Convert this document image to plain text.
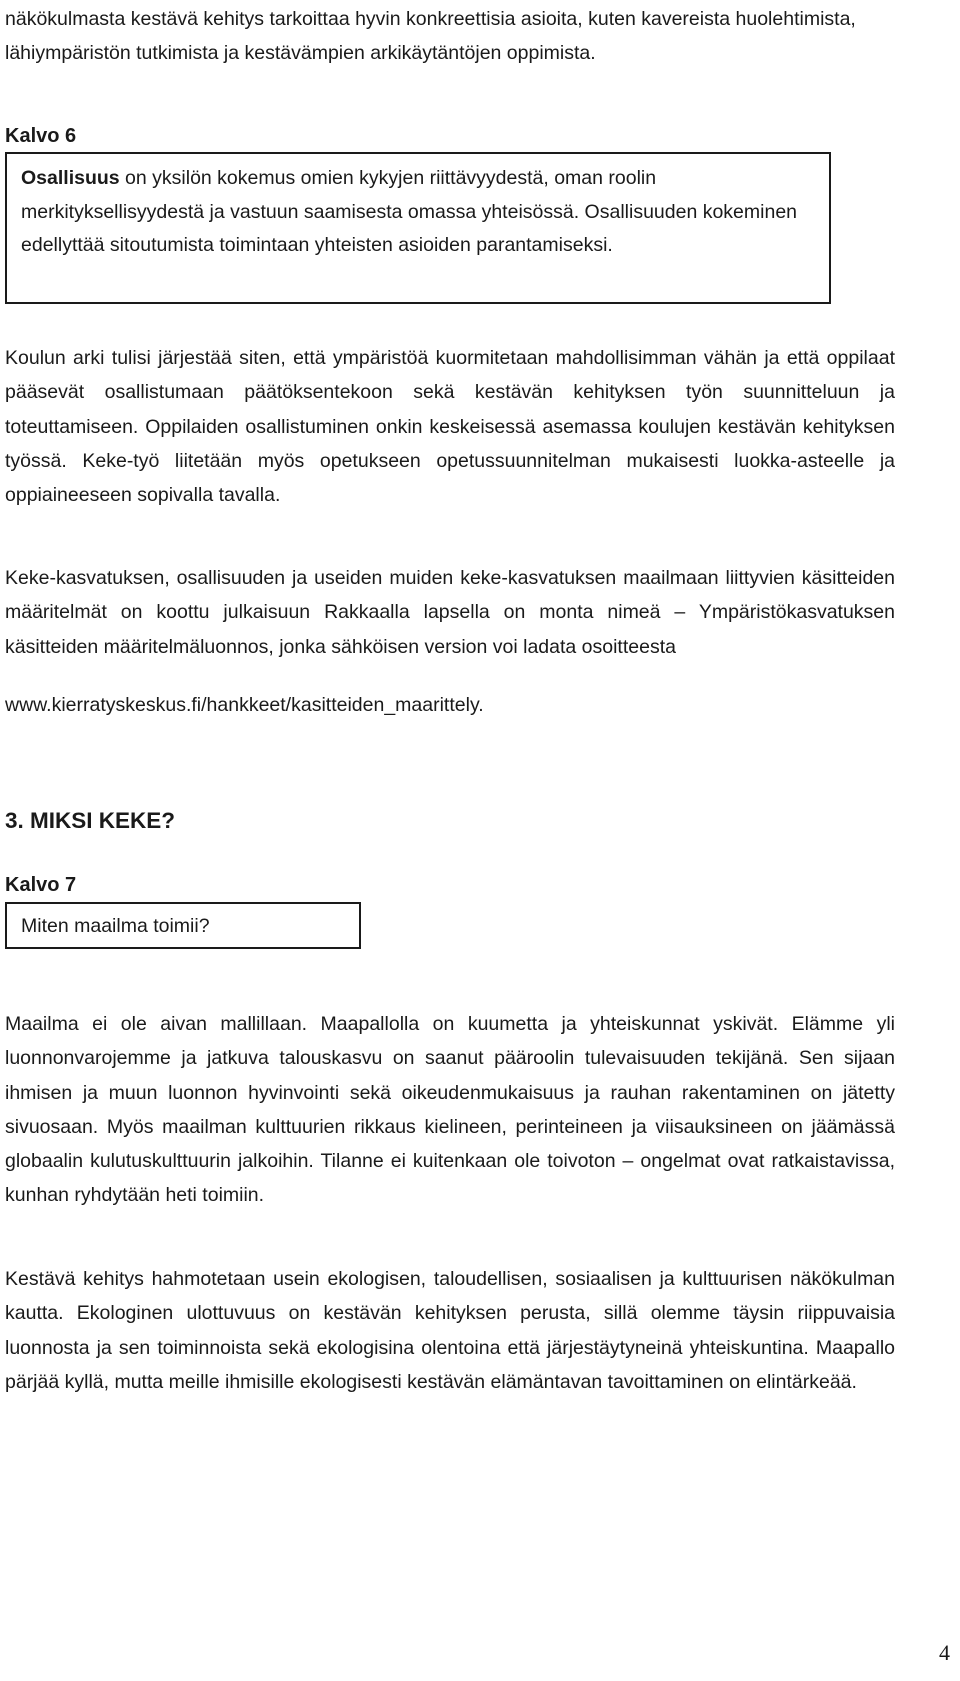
näkökulmasta kestävä kehitys tarkoittaa hyvin konkreettisia asioita, kuten kavereista huolehtimista, lähiympäristön tutkimista ja kestävämpien arkikäytäntöjen oppimista.

Kalvo 6

Osallisuus on yksilön kokemus omien kykyjen riittävyydestä, oman roolin merkityksellisyydestä ja vastuun saamisesta omassa yhteisössä. Osallisuuden kokeminen edellyttää sitoutumista toimintaan yhteisten asioiden parantamiseksi.

Koulun arki tulisi järjestää siten, että ympäristöä kuormitetaan mahdollisimman vähän ja että oppilaat pääsevät osallistumaan päätöksentekoon sekä kestävän kehityksen työn suunnitteluun ja toteuttamiseen. Oppilaiden osallistuminen onkin keskeisessä asemassa koulujen kestävän kehityksen työssä. Keke-työ liitetään myös opetukseen opetussuunnitelman mukaisesti luokka-asteelle ja oppiaineeseen sopivalla tavalla.

Keke-kasvatuksen, osallisuuden ja useiden muiden keke-kasvatuksen maailmaan liittyvien käsitteiden määritelmät on koottu julkaisuun Rakkaalla lapsella on monta nimeä – Ympäristökasvatuksen käsitteiden määritelmäluonnos, jonka sähköisen version voi ladata osoitteesta

www.kierratyskeskus.fi/hankkeet/kasitteiden_maarittely.

3. MIKSI KEKE?

Kalvo 7

Miten maailma toimii?

Maailma ei ole aivan mallillaan. Maapallolla on kuumetta ja yhteiskunnat yskivät. Elämme yli luonnonvarojemme ja jatkuva talouskasvu on saanut pääroolin tulevaisuuden tekijänä. Sen sijaan ihmisen ja muun luonnon hyvinvointi sekä oikeudenmukaisuus ja rauhan rakentaminen on jätetty sivuosaan. Myös maailman kulttuurien rikkaus kielineen, perinteineen ja viisauksineen on jäämässä globaalin kulutuskulttuurin jalkoihin. Tilanne ei kuitenkaan ole toivoton – ongelmat ovat ratkaistavissa, kunhan ryhdytään heti toimiin.

Kestävä kehitys hahmotetaan usein ekologisen, taloudellisen, sosiaalisen ja kulttuurisen näkökulman kautta. Ekologinen ulottuvuus on kestävän kehityksen perusta, sillä olemme täysin riippuvaisia luonnosta ja sen toiminnoista sekä ekologisina olentoina että järjestäytyneinä yhteiskuntina. Maapallo pärjää kyllä, mutta meille ihmisille ekologisesti kestävän elämäntavan tavoittaminen on elintärkeää.

4
